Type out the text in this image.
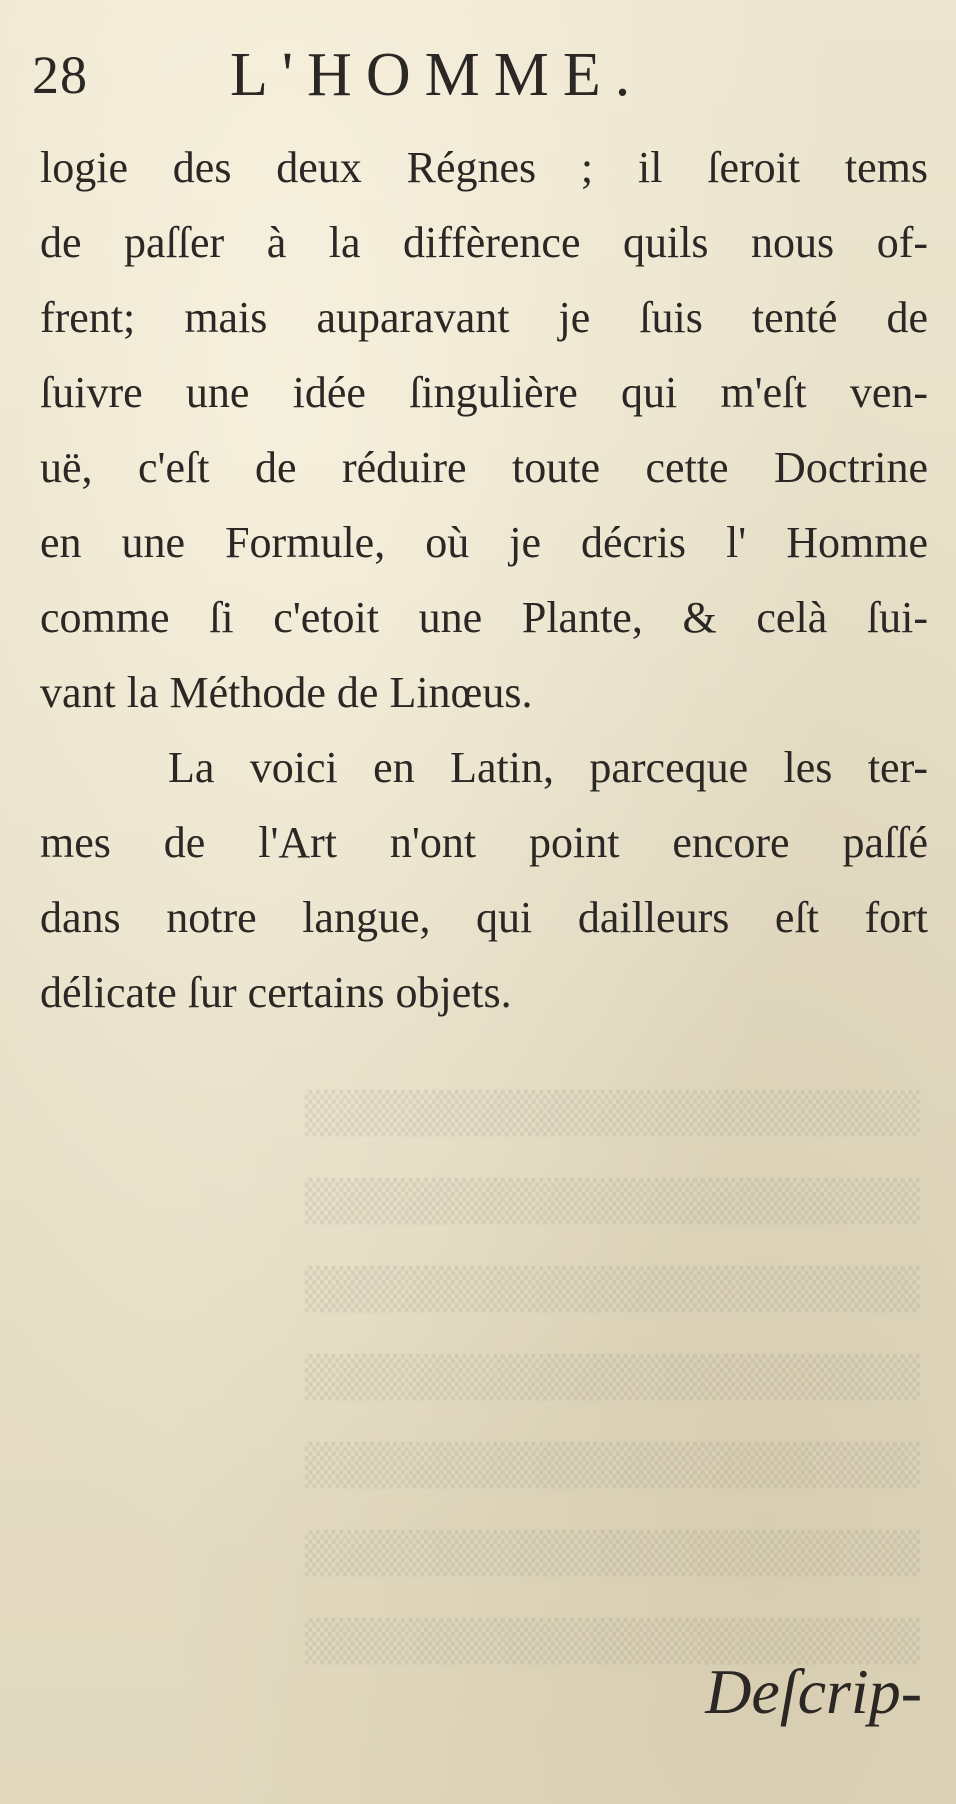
▒▒▒▒▒▒▒▒▒▒▒▒▒▒▒▒▒▒▒▒
▒▒▒▒▒▒▒▒▒▒▒▒▒▒▒▒▒▒▒▒
▒▒▒▒▒▒▒▒▒▒▒▒▒▒▒▒▒▒▒▒
▒▒▒▒▒▒▒▒▒▒▒▒▒▒▒▒▒▒▒▒
▒▒▒▒▒▒▒▒▒▒▒▒▒▒▒▒▒▒▒▒
▒▒▒▒▒▒▒▒▒▒▒▒▒▒▒▒▒▒▒▒
▒▒▒▒▒▒▒▒▒▒▒▒▒▒▒▒▒▒▒▒
28 L'HOMME.
logie des deux Régnes ; il ſeroit tems
de paſſer à la diffèrence quils nous of-
frent; mais auparavant je ſuis tenté de
ſuivre une idée ſingulière qui m'eſt ven-
uë, c'eſt de réduire toute cette Doctrine
en une Formule, où je décris l' Homme
comme ſi c'etoit une Plante, & celà ſui-
vant la Méthode de Linœus.
La voici en Latin, parceque les ter-
mes de l'Art n'ont point encore paſſé
dans notre langue, qui dailleurs eſt fort
délicate ſur certains objets.
Deſcrip-
